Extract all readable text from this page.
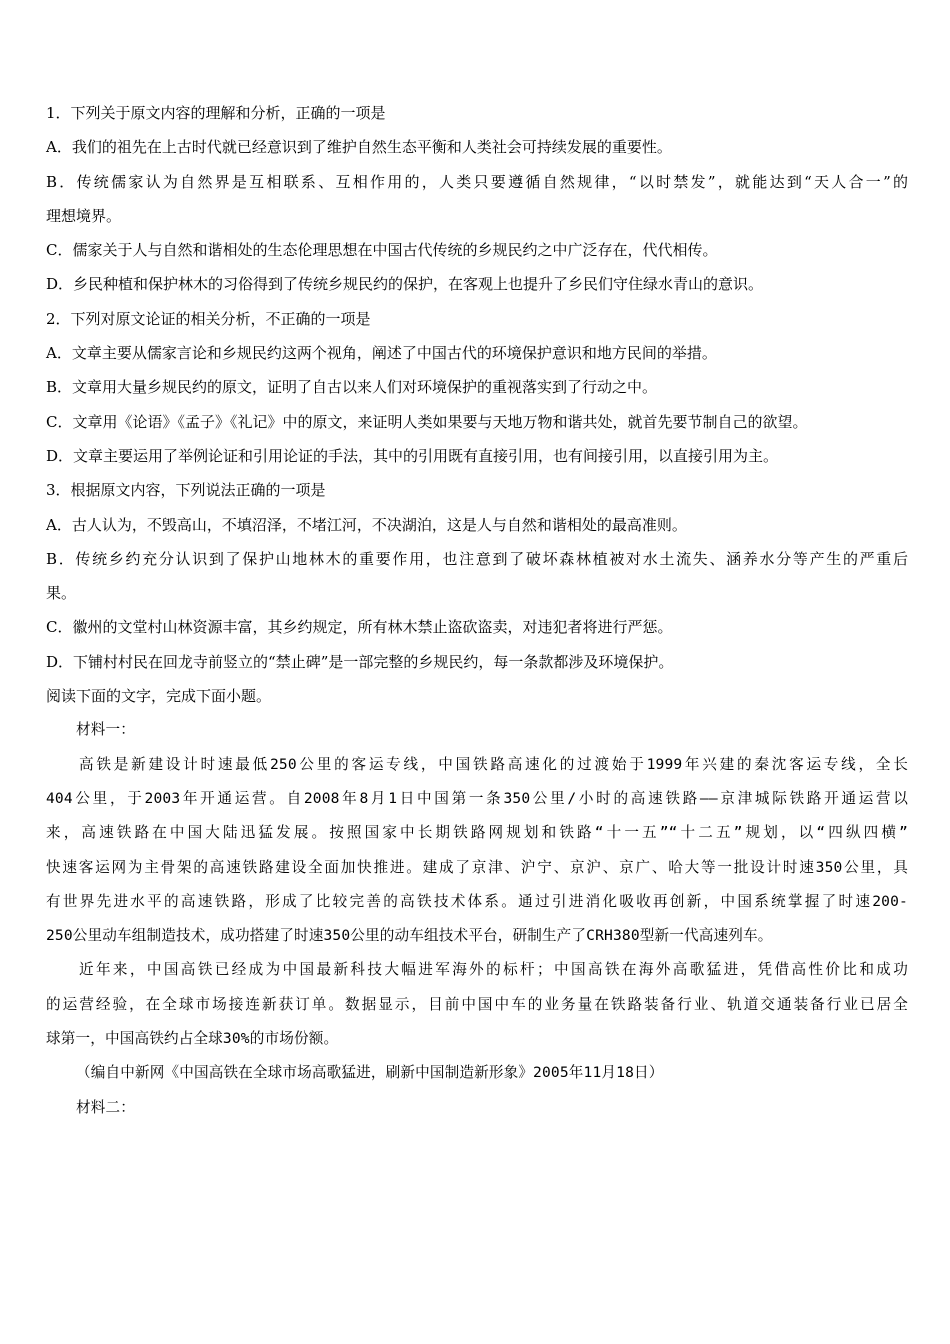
1．下列关于原文内容的理解和分析，正确的一项是
A．我们的祖先在上古时代就已经意识到了维护自然生态平衡和人类社会可持续发展的重要性。
B．传统儒家认为自然界是互相联系、互相作用的，人类只要遵循自然规律，“以时禁发”，就能达到“天人合一”的
理想境界。
C．儒家关于人与自然和谐相处的生态伦理思想在中国古代传统的乡规民约之中广泛存在，代代相传。
D．乡民种植和保护林木的习俗得到了传统乡规民约的保护，在客观上也提升了乡民们守住绿水青山的意识。
2．下列对原文论证的相关分析，不正确的一项是
A．文章主要从儒家言论和乡规民约这两个视角，阐述了中国古代的环境保护意识和地方民间的举措。
B．文章用大量乡规民约的原文，证明了自古以来人们对环境保护的重视落实到了行动之中。
C．文章用《论语》《孟子》《礼记》中的原文，来证明人类如果要与天地万物和谐共处，就首先要节制自己的欲望。
D．文章主要运用了举例论证和引用论证的手法，其中的引用既有直接引用，也有间接引用，以直接引用为主。
3．根据原文内容，下列说法正确的一项是
A．古人认为，不毁高山，不填沼泽，不堵江河，不决湖泊，这是人与自然和谐相处的最高准则。
B．传统乡约充分认识到了保护山地林木的重要作用，也注意到了破坏森林植被对水土流失、涵养水分等产生的严重后
果。
C．徽州的文堂村山林资源丰富，其乡约规定，所有林木禁止盗砍盗卖，对违犯者将进行严惩。
D．下铺村村民在回龙寺前竖立的“禁止碑”是一部完整的乡规民约，每一条款都涉及环境保护。
阅读下面的文字，完成下面小题。
材料一：
高铁是新建设计时速最低250公里的客运专线，中国铁路高速化的过渡始于1999年兴建的秦沈客运专线，全长
404公里，于2003年开通运营。自2008年8月1日中国第一条350公里/小时的高速铁路——京津城际铁路开通运营以
来，高速铁路在中国大陆迅猛发展。按照国家中长期铁路网规划和铁路“十一五”“十二五”规划，以“四纵四横”
快速客运网为主骨架的高速铁路建设全面加快推进。建成了京津、沪宁、京沪、京广、哈大等一批设计时速350公里，具
有世界先进水平的高速铁路，形成了比较完善的高铁技术体系。通过引进消化吸收再创新，中国系统掌握了时速200-
250公里动车组制造技术，成功搭建了时速350公里的动车组技术平台，研制生产了CRH380型新一代高速列车。
近年来，中国高铁已经成为中国最新科技大幅进军海外的标杆；中国高铁在海外高歌猛进，凭借高性价比和成功
的运营经验，在全球市场接连新获订单。数据显示，目前中国中车的业务量在铁路装备行业、轨道交通装备行业已居全
球第一，中国高铁约占全球30%的市场份额。
（编自中新网《中国高铁在全球市场高歌猛进，刷新中国制造新形象》2005年11月18日）
材料二：
